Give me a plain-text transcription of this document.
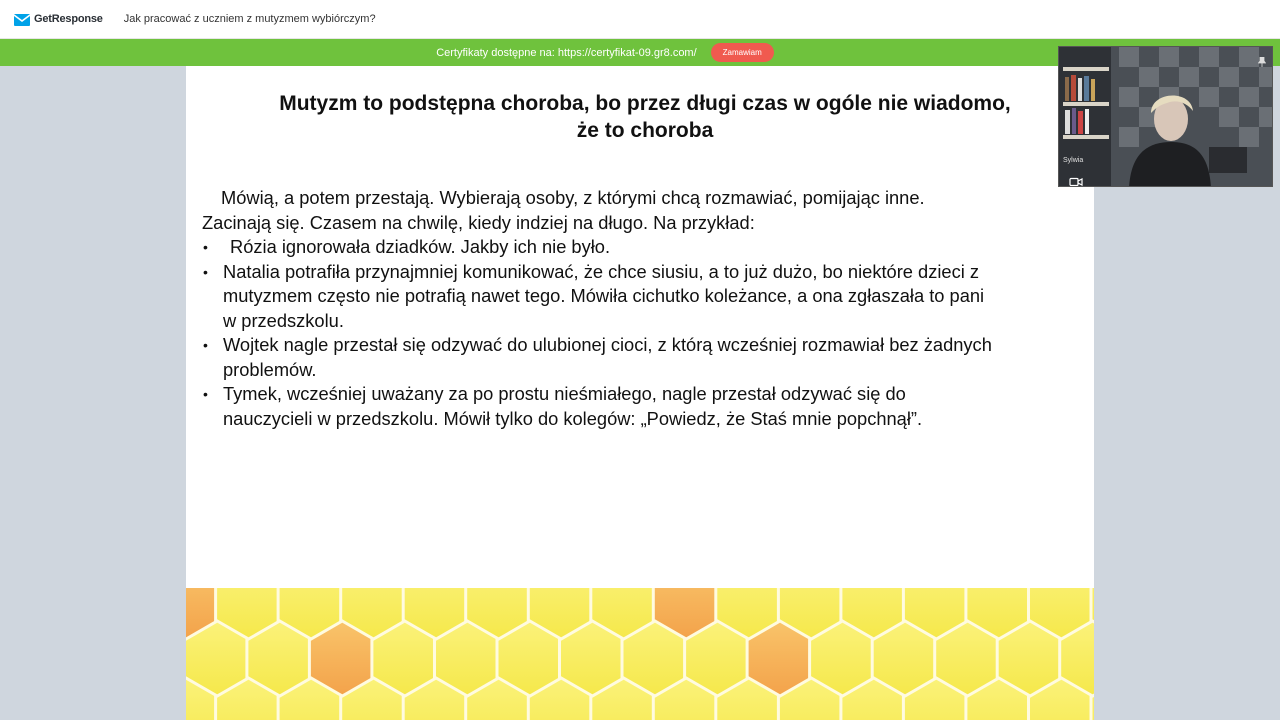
GetResponse Jak pracować z uczniem z mutyzmem wybiórczym?
Certyfikaty dostępne na: https://certyfikat-09.gr8.com/	Zamawiam
Mutyzm to podstępna choroba, bo przez długi czas w ogóle nie wiadomo,
że to choroba
Mówią, a potem przestają. Wybierają osoby, z którymi chcą rozmawiać, pomijając inne.
Zacinają się. Czasem na chwilę, kiedy indziej na długo. Na przykład:
•	Rózia ignorowała dziadków. Jakby ich nie było.
• Natalia potrafiła przynajmniej komunikować, że chce siusiu, a to już dużo, bo niektóre dzieci z
mutyzmem często nie potrafią nawet tego. Mówiła cichutko koleżance, a ona zgłaszała to pani
w przedszkolu.
• Wojtek nagle przestał się odzywać do ulubionej cioci, z którą wcześniej rozmawiał bez żadnych
problemów.
• Tymek, wcześniej uważany za po prostu nieśmiałego, nagle przestał odzywać się do
nauczycieli w przedszkolu. Mówił tylko do kolegów: „Powiedz, że Staś mnie popchnął”.
Sylwia
